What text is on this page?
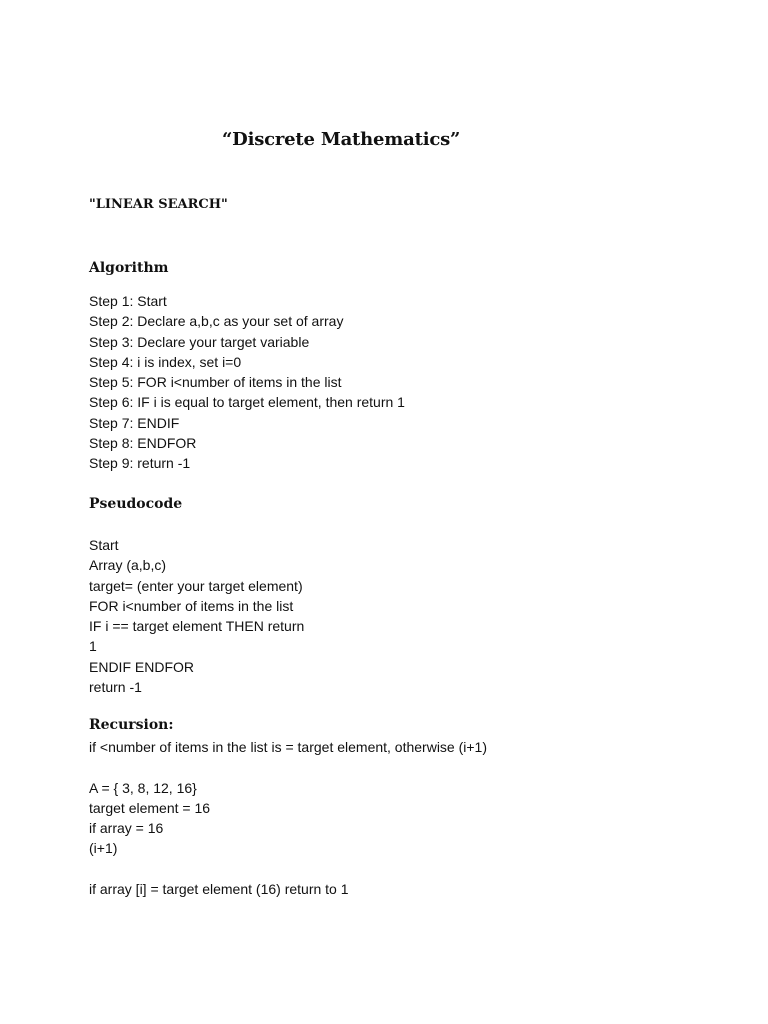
“Discrete Mathematics”
"LINEAR SEARCH"
Algorithm
Step 1: Start
Step 2: Declare a,b,c as your set of array
Step 3: Declare your target variable
Step 4: i is index, set i=0
Step 5: FOR i<number of items in the list
Step 6: IF i is equal to target element, then return 1
Step 7: ENDIF
Step 8: ENDFOR
Step 9: return -1
Pseudocode
Start
Array (a,b,c)
target= (enter your target element)
FOR i<number of items in the list
IF i == target element THEN return
1
ENDIF ENDFOR
return -1
Recursion:
if <number of items in the list is = target element, otherwise (i+1)
A = { 3, 8, 12, 16}
target element = 16
if array = 16
(i+1)
if array [i] = target element (16) return to 1
